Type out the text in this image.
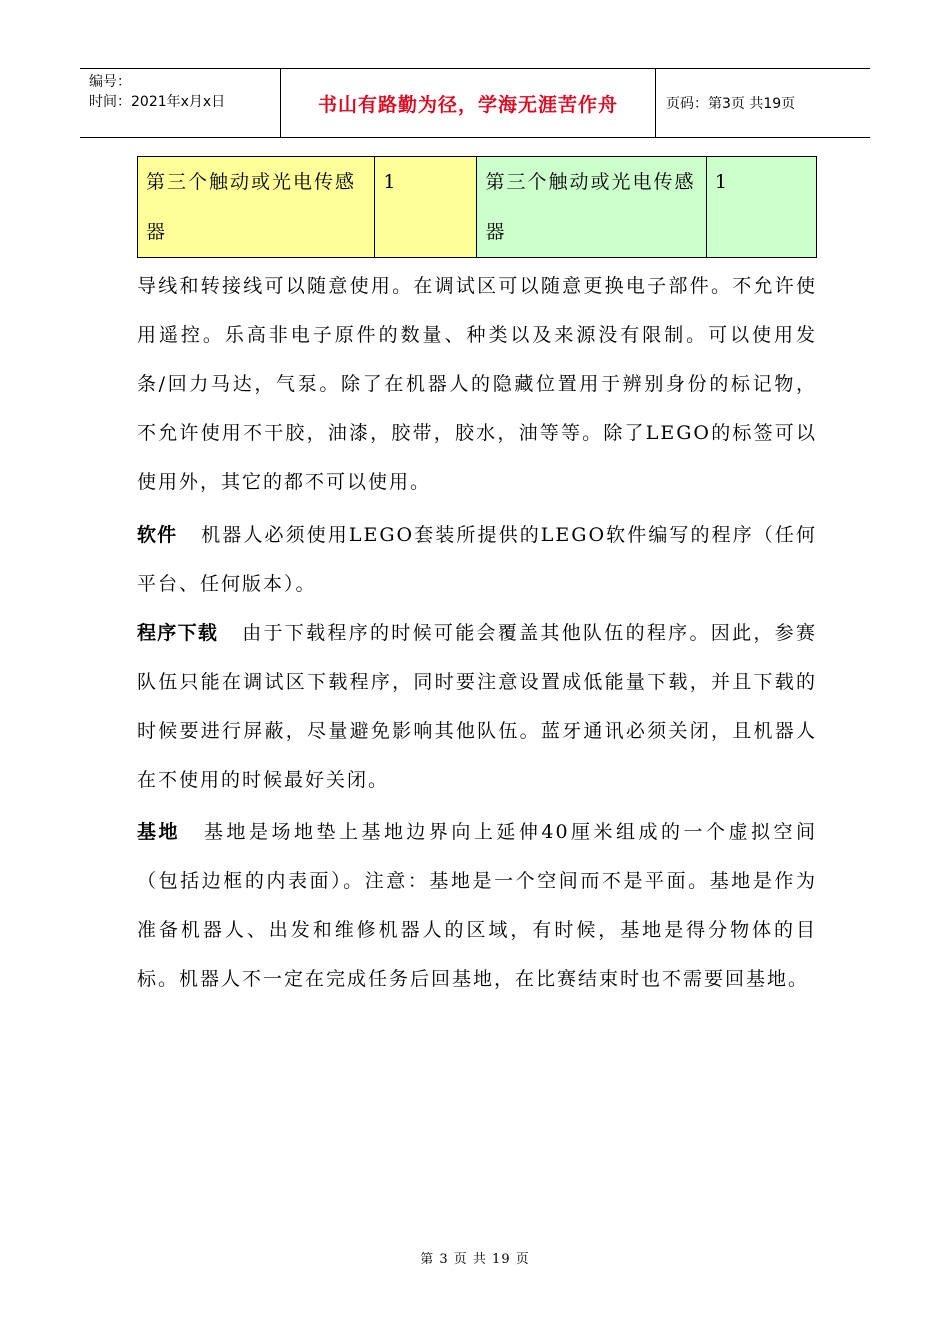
编号：
时间：2021年x月x日	书山有路勤为径，学海无涯苦作舟	页码：第3页 共19页
第三个触动或光电传感器	1	第三个触动或光电传感器	1

导线和转接线可以随意使用。在调试区可以随意更换电子部件。不允许使用遥控。乐高非电子原件的数量、种类以及来源没有限制。可以使用发条/回力马达，气泵。除了在机器人的隐藏位置用于辨别身份的标记物，不允许使用不干胶，油漆，胶带，胶水，油等等。除了LEGO的标签可以使用外，其它的都不可以使用。

软件 机器人必须使用LEGO套装所提供的LEGO软件编写的程序（任何平台、任何版本）。

程序下载 由于下载程序的时候可能会覆盖其他队伍的程序。因此，参赛队伍只能在调试区下载程序，同时要注意设置成低能量下载，并且下载的时候要进行屏蔽，尽量避免影响其他队伍。蓝牙通讯必须关闭，且机器人在不使用的时候最好关闭。

基地 基地是场地垫上基地边界向上延伸40厘米组成的一个虚拟空间（包括边框的内表面）。注意：基地是一个空间而不是平面。基地是作为准备机器人、出发和维修机器人的区域，有时候，基地是得分物体的目标。机器人不一定在完成任务后回基地，在比赛结束时也不需要回基地。

第 3 页 共 19 页
